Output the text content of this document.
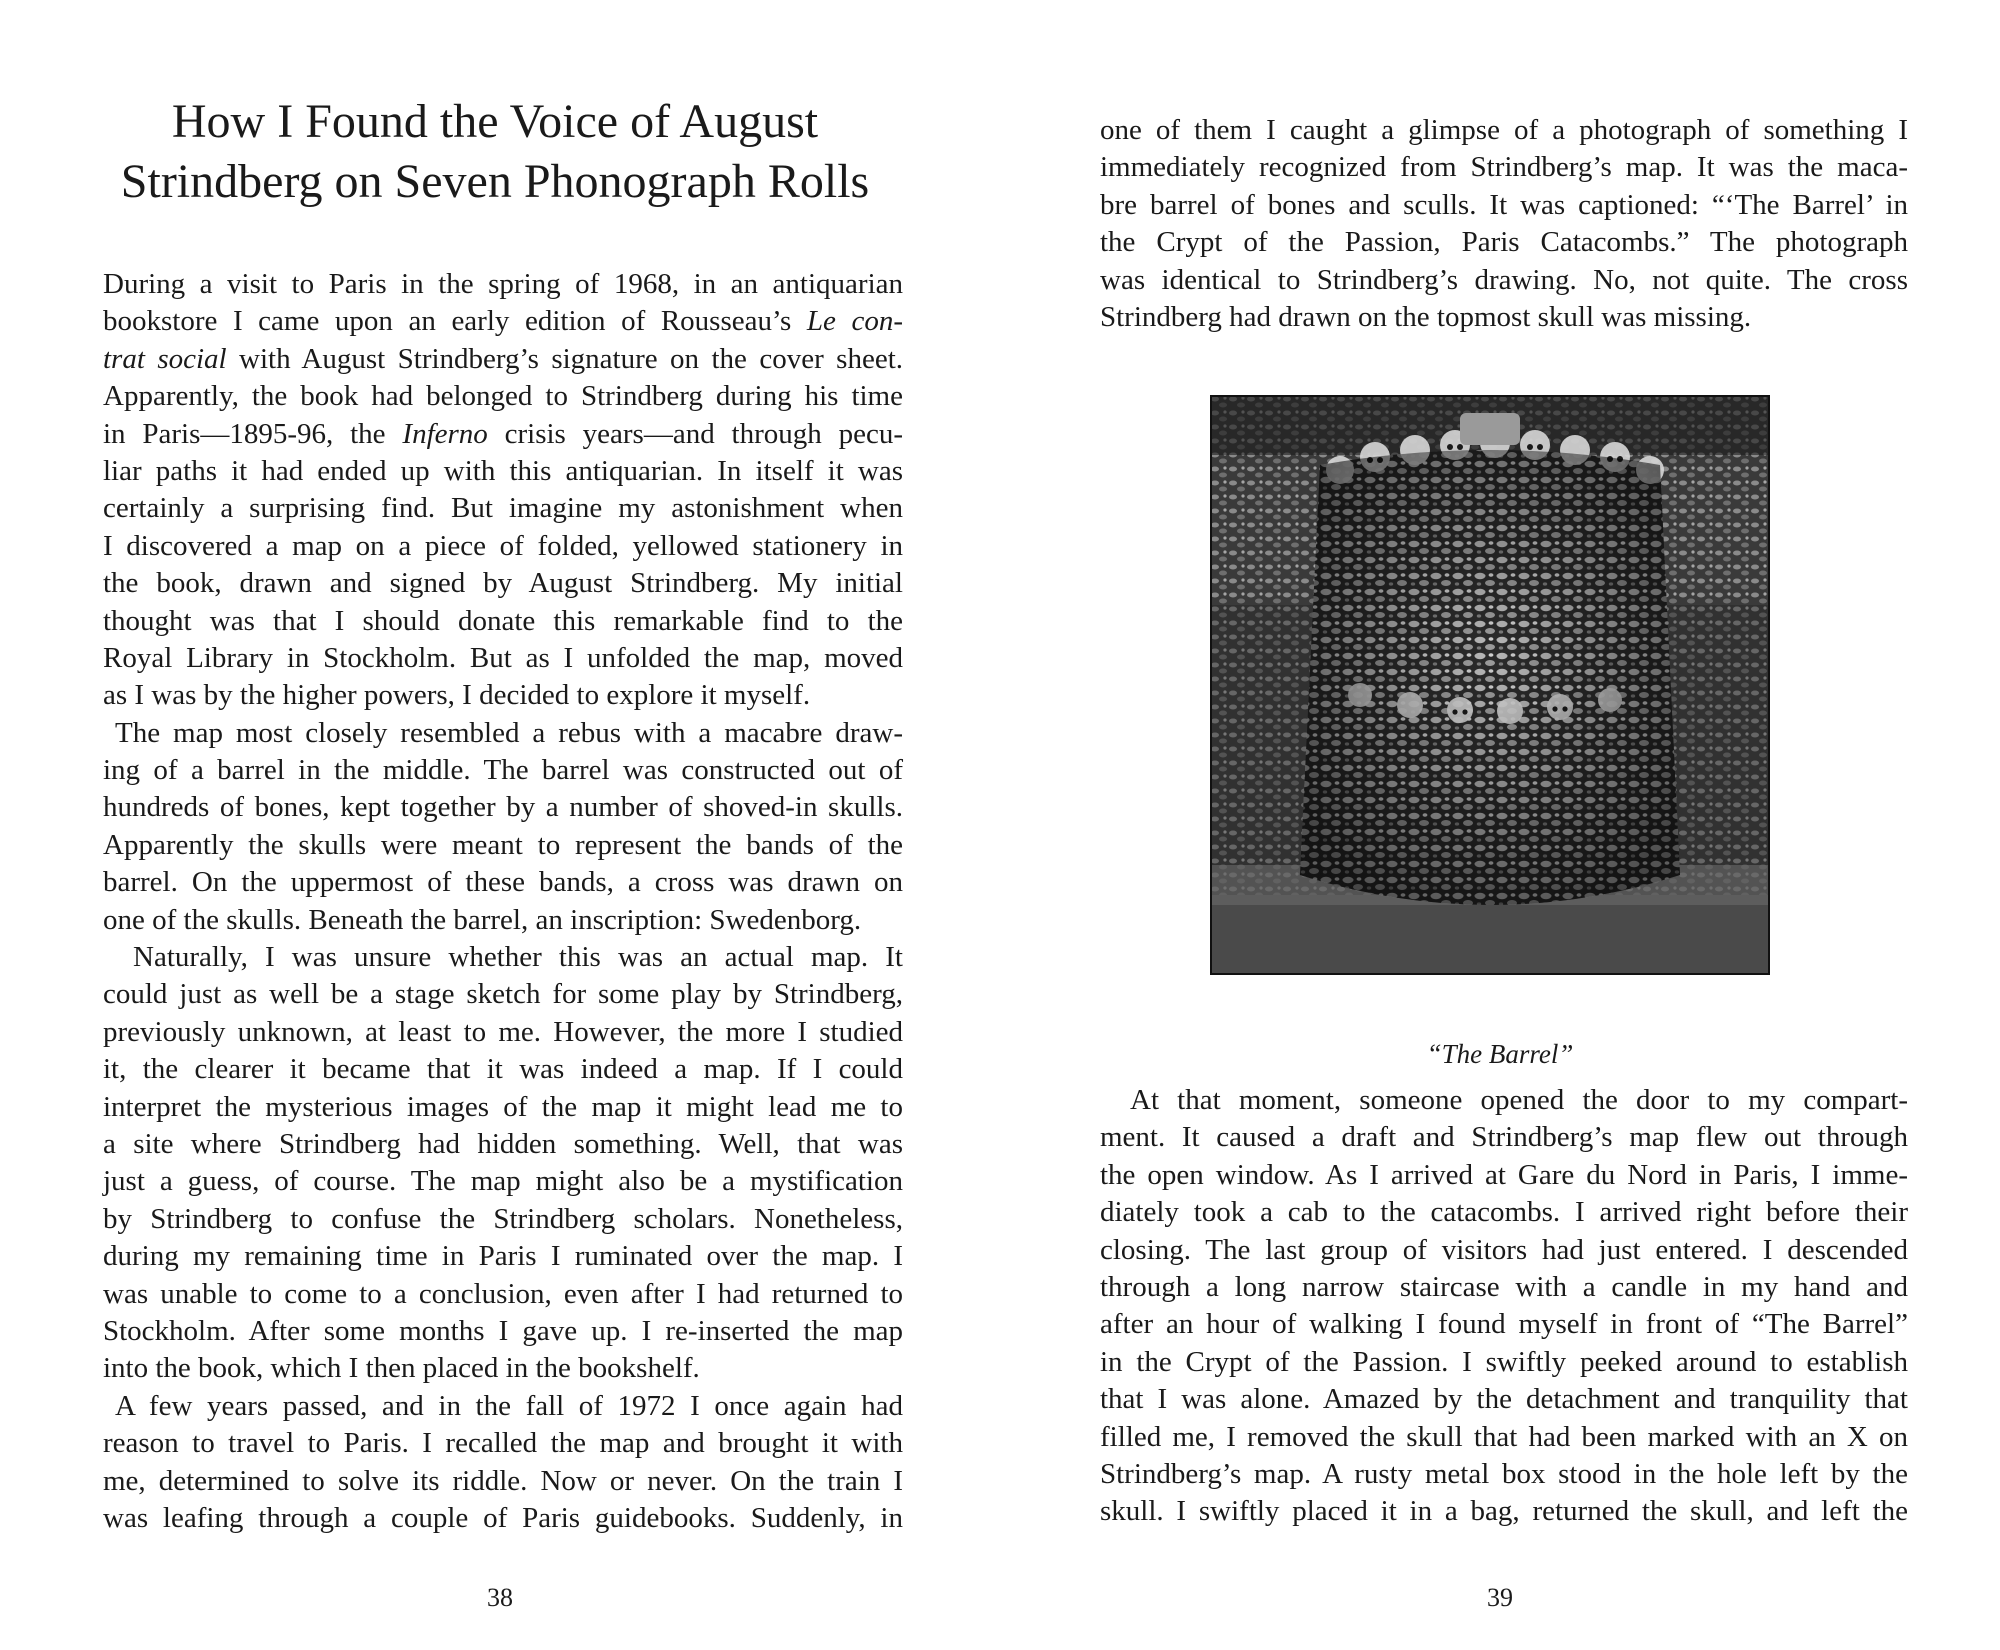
How I Found the Voice of August
Strindberg on Seven Phonograph Rolls
During a visit to Paris in the spring of 1968, in an antiquarian
bookstore I came upon an early edition of Rousseau’s Le con-
trat social with August Strindberg’s signature on the cover sheet.
Apparently, the book had belonged to Strindberg during his time
in Paris—1895-96, the Inferno crisis years—and through pecu-
liar paths it had ended up with this antiquarian. In itself it was
certainly a surprising find. But imagine my astonishment when
I discovered a map on a piece of folded, yellowed stationery in
the book, drawn and signed by August Strindberg. My initial
thought was that I should donate this remarkable find to the
Royal Library in Stockholm. But as I unfolded the map, moved
as I was by the higher powers, I decided to explore it myself.
The map most closely resembled a rebus with a macabre draw-
ing of a barrel in the middle. The barrel was constructed out of
hundreds of bones, kept together by a number of shoved-in skulls.
Apparently the skulls were meant to represent the bands of the
barrel. On the uppermost of these bands, a cross was drawn on
one of the skulls. Beneath the barrel, an inscription: Swedenborg.
Naturally, I was unsure whether this was an actual map. It
could just as well be a stage sketch for some play by Strindberg,
previously unknown, at least to me. However, the more I studied
it, the clearer it became that it was indeed a map. If I could
interpret the mysterious images of the map it might lead me to
a site where Strindberg had hidden something. Well, that was
just a guess, of course. The map might also be a mystification
by Strindberg to confuse the Strindberg scholars. Nonetheless,
during my remaining time in Paris I ruminated over the map. I
was unable to come to a conclusion, even after I had returned to
Stockholm. After some months I gave up. I re-inserted the map
into the book, which I then placed in the bookshelf.
A few years passed, and in the fall of 1972 I once again had
reason to travel to Paris. I recalled the map and brought it with
me, determined to solve its riddle. Now or never. On the train I
was leafing through a couple of Paris guidebooks. Suddenly, in
38
one of them I caught a glimpse of a photograph of something I
immediately recognized from Strindberg’s map. It was the maca-
bre barrel of bones and sculls. It was captioned: “‘The Barrel’ in
the Crypt of the Passion, Paris Catacombs.” The photograph
was identical to Strindberg’s drawing. No, not quite. The cross
Strindberg had drawn on the topmost skull was missing.
“The Barrel”
At that moment, someone opened the door to my compart-
ment. It caused a draft and Strindberg’s map flew out through
the open window. As I arrived at Gare du Nord in Paris, I imme-
diately took a cab to the catacombs. I arrived right before their
closing. The last group of visitors had just entered. I descended
through a long narrow staircase with a candle in my hand and
after an hour of walking I found myself in front of “The Barrel”
in the Crypt of the Passion. I swiftly peeked around to establish
that I was alone. Amazed by the detachment and tranquility that
filled me, I removed the skull that had been marked with an X on
Strindberg’s map. A rusty metal box stood in the hole left by the
skull. I swiftly placed it in a bag, returned the skull, and left the
39
